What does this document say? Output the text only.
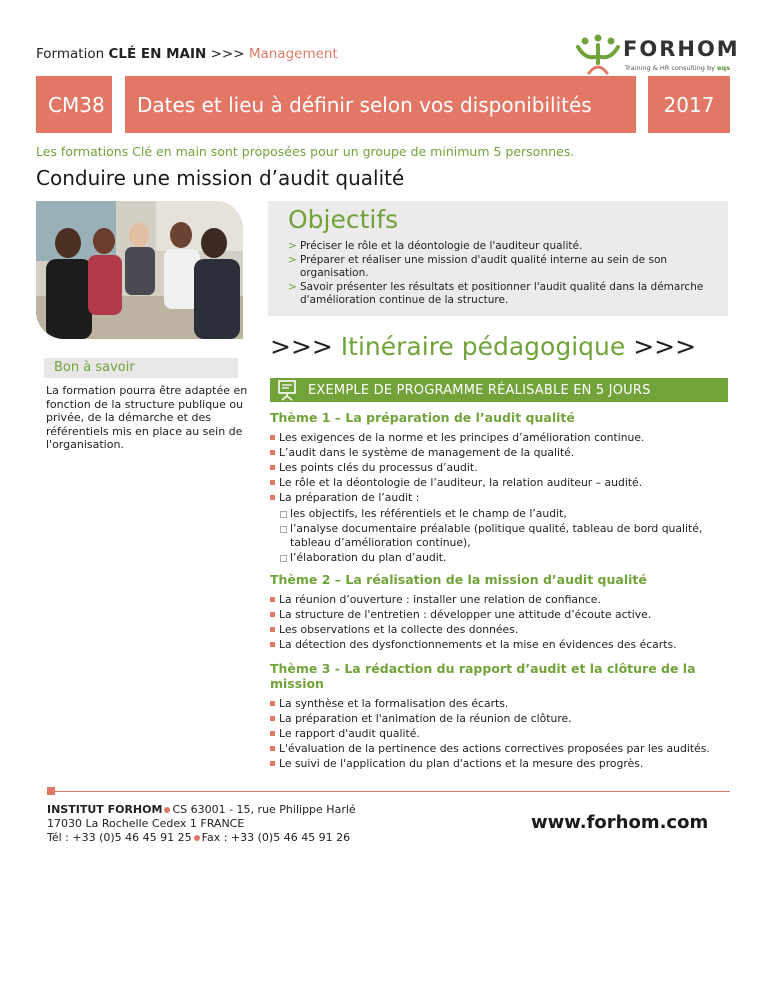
Formation CLÉ EN MAIN >>> Management	FORHOM
Training & HR consulting by eqs
CM38	Dates et lieu à définir selon vos disponibilités	2017
Les formations Clé en main sont proposées pour un groupe de minimum 5 personnes.
Conduire une mission d’audit qualité
Objectifs
> Préciser le rôle et la déontologie de l'auditeur qualité.
> Préparer et réaliser une mission d'audit qualité interne au sein de son organisation.
> Savoir présenter les résultats et positionner l'audit qualité dans la démarche d'amélioration continue de la structure.
>>> Itinéraire pédagogique >>>
Bon à savoir
La formation pourra être adaptée en fonction de la structure publique ou privée, de la démarche et des référentiels mis en place au sein de l'organisation.
EXEMPLE DE PROGRAMME RÉALISABLE EN 5 JOURS
Thème 1 – La préparation de l’audit qualité
Les exigences de la norme et les principes d’amélioration continue.
L’audit dans le système de management de la qualité.
Les points clés du processus d’audit.
Le rôle et la déontologie de l’auditeur, la relation auditeur – audité.
La préparation de l’audit :
les objectifs, les référentiels et le champ de l’audit,
l’analyse documentaire préalable (politique qualité, tableau de bord qualité, tableau d’amélioration continue),
l’élaboration du plan d’audit.
Thème 2 – La réalisation de la mission d’audit qualité
La réunion d’ouverture : installer une relation de confiance.
La structure de l'entretien : développer une attitude d’écoute active.
Les observations et la collecte des données.
La détection des dysfonctionnements et la mise en évidences des écarts.
Thème 3 - La rédaction du rapport d’audit et la clôture de la mission
La synthèse et la formalisation des écarts.
La préparation et l'animation de la réunion de clôture.
Le rapport d'audit qualité.
L'évaluation de la pertinence des actions correctives proposées par les audités.
Le suivi de l'application du plan d'actions et la mesure des progrès.
INSTITUT FORHOM CS 63001 - 15, rue Philippe Harlé
17030 La Rochelle Cedex 1 FRANCE
Tél : +33 (0)5 46 45 91 25 Fax : +33 (0)5 46 45 91 26
www.forhom.com
